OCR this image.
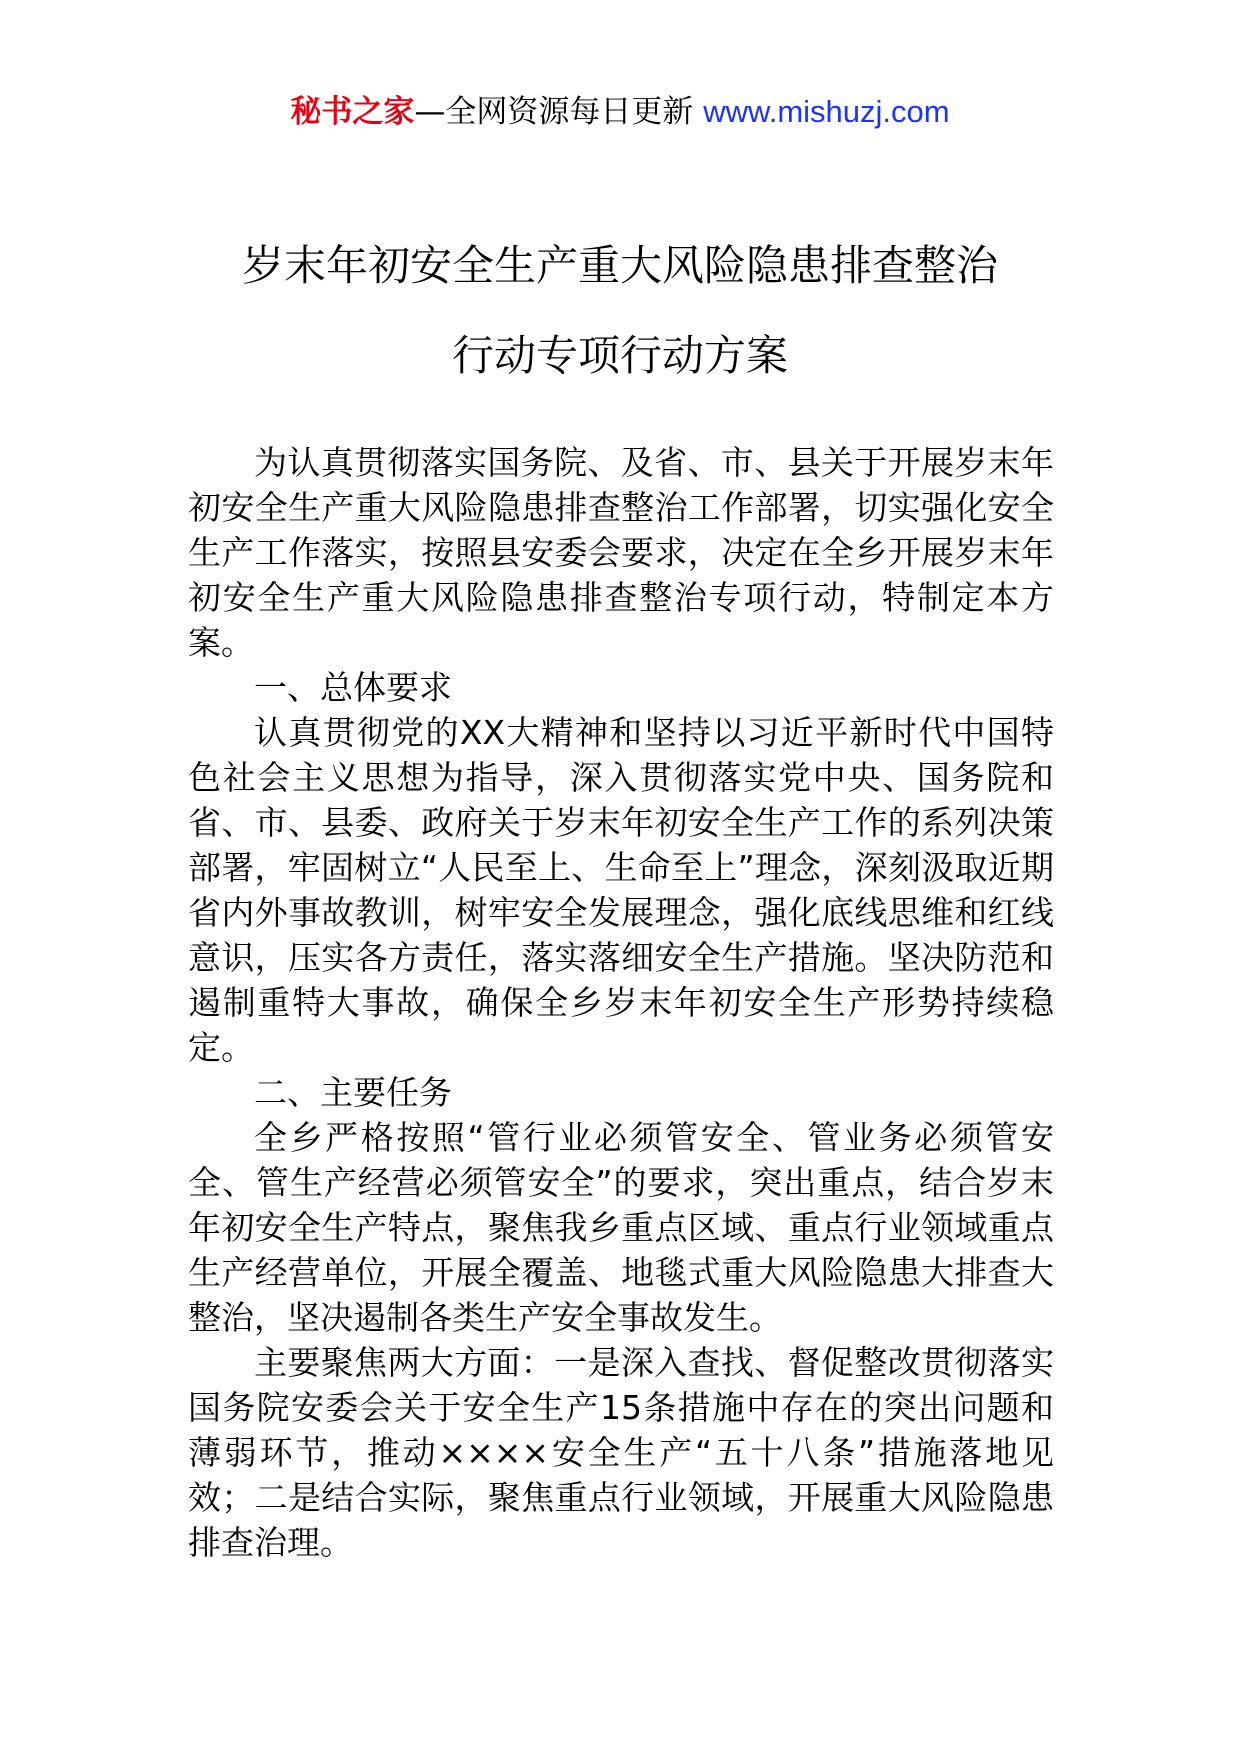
秘书之家—全网资源每日更新 www.mishuzj.com
岁末年初安全生产重大风险隐患排查整治
行动专项行动方案

为认真贯彻落实国务院、及省、市、县关于开展岁末年初安全生产重大风险隐患排查整治工作部署，切实强化安全生产工作落实，按照县安委会要求，决定在全乡开展岁末年初安全生产重大风险隐患排查整治专项行动，特制定本方案。

一、总体要求

认真贯彻党的XX大精神和坚持以习近平新时代中国特色社会主义思想为指导，深入贯彻落实党中央、国务院和省、市、县委、政府关于岁末年初安全生产工作的系列决策部署，牢固树立“人民至上、生命至上”理念，深刻汲取近期省内外事故教训，树牢安全发展理念，强化底线思维和红线意识，压实各方责任，落实落细安全生产措施。坚决防范和遏制重特大事故，确保全乡岁末年初安全生产形势持续稳定。

二、主要任务

全乡严格按照“管行业必须管安全、管业务必须管安全、管生产经营必须管安全”的要求，突出重点，结合岁末年初安全生产特点，聚焦我乡重点区域、重点行业领域重点生产经营单位，开展全覆盖、地毯式重大风险隐患大排查大整治，坚决遏制各类生产安全事故发生。

主要聚焦两大方面：一是深入查找、督促整改贯彻落实国务院安委会关于安全生产15条措施中存在的突出问题和薄弱环节，推动××××安全生产“五十八条”措施落地见效；二是结合实际，聚焦重点行业领域，开展重大风险隐患排查治理。
